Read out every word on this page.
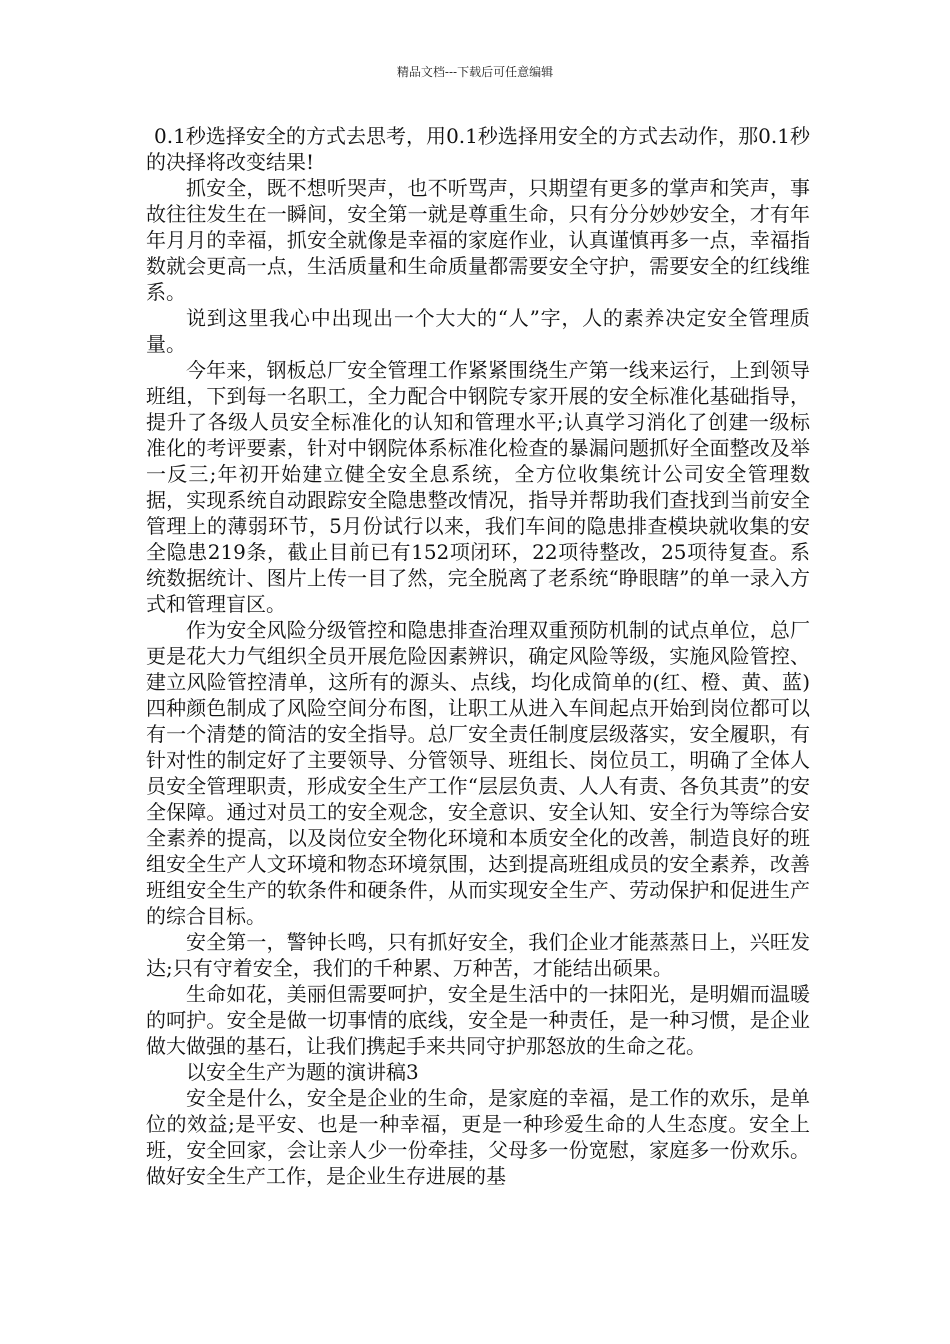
精品文档---下载后可任意编辑

0.1秒选择安全的方式去思考，用0.1秒选择用安全的方式去动作，那0.1秒的决择将改变结果!

抓安全，既不想听哭声，也不听骂声，只期望有更多的掌声和笑声，事故往往发生在一瞬间，安全第一就是尊重生命，只有分分妙妙安全，才有年年月月的幸福，抓安全就像是幸福的家庭作业，认真谨慎再多一点，幸福指数就会更高一点，生活质量和生命质量都需要安全守护，需要安全的红线维系。

说到这里我心中出现出一个大大的“人”字，人的素养决定安全管理质量。

今年来，钢板总厂安全管理工作紧紧围绕生产第一线来运行，上到领导班组，下到每一名职工，全力配合中钢院专家开展的安全标准化基础指导，提升了各级人员安全标准化的认知和管理水平;认真学习消化了创建一级标准化的考评要素，针对中钢院体系标准化检查的暴漏问题抓好全面整改及举一反三;年初开始建立健全安全息系统，全方位收集统计公司安全管理数据，实现系统自动跟踪安全隐患整改情况，指导并帮助我们查找到当前安全管理上的薄弱环节，5月份试行以来，我们车间的隐患排查模块就收集的安全隐患219条，截止目前已有152项闭环，22项待整改，25项待复查。系统数据统计、图片上传一目了然，完全脱离了老系统“睁眼瞎”的单一录入方式和管理盲区。

作为安全风险分级管控和隐患排查治理双重预防机制的试点单位，总厂更是花大力气组织全员开展危险因素辨识，确定风险等级，实施风险管控、建立风险管控清单，这所有的源头、点线，均化成简单的(红、橙、黄、蓝)四种颜色制成了风险空间分布图，让职工从进入车间起点开始到岗位都可以有一个清楚的简洁的安全指导。总厂安全责任制度层级落实，安全履职，有针对性的制定好了主要领导、分管领导、班组长、岗位员工，明确了全体人员安全管理职责，形成安全生产工作“层层负责、人人有责、各负其责”的安全保障。通过对员工的安全观念，安全意识、安全认知、安全行为等综合安全素养的提高，以及岗位安全物化环境和本质安全化的改善，制造良好的班组安全生产人文环境和物态环境氛围，达到提高班组成员的安全素养，改善班组安全生产的软条件和硬条件，从而实现安全生产、劳动保护和促进生产的综合目标。

安全第一，警钟长鸣，只有抓好安全，我们企业才能蒸蒸日上，兴旺发达;只有守着安全，我们的千种累、万种苦，才能结出硕果。

生命如花，美丽但需要呵护，安全是生活中的一抹阳光，是明媚而温暖的呵护。安全是做一切事情的底线，安全是一种责任，是一种习惯，是企业做大做强的基石，让我们携起手来共同守护那怒放的生命之花。

以安全生产为题的演讲稿3

安全是什么，安全是企业的生命，是家庭的幸福，是工作的欢乐，是单位的效益;是平安、也是一种幸福，更是一种珍爱生命的人生态度。安全上班，安全回家，会让亲人少一份牵挂，父母多一份宽慰，家庭多一份欢乐。做好安全生产工作，是企业生存进展的基
